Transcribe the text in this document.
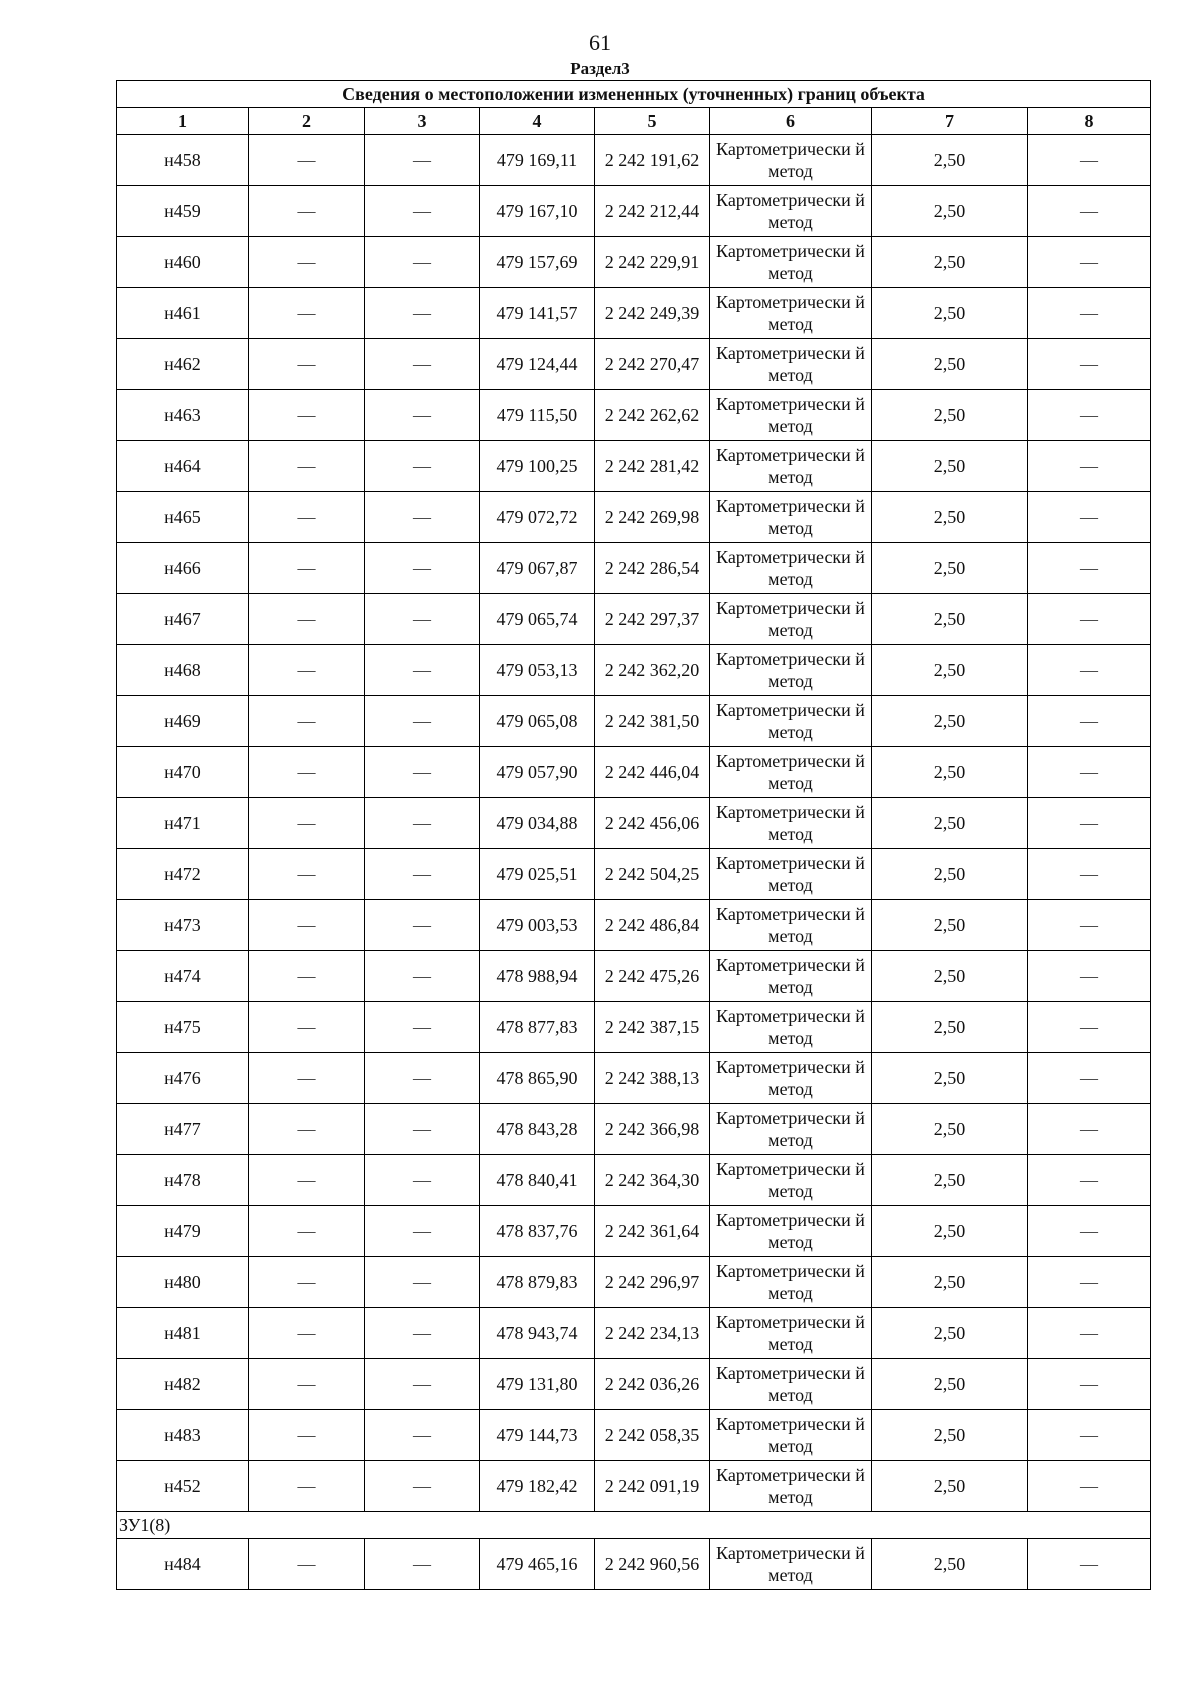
61
Раздел3
Сведения о местоположении измененных (уточненных) границ объекта							
1	2	3	4	5	6	7	8
н458	—	—	479 169,11	2 242 191,62	Картометрически й метод	2,50	—
н459	—	—	479 167,10	2 242 212,44	Картометрически й метод	2,50	—
н460	—	—	479 157,69	2 242 229,91	Картометрически й метод	2,50	—
н461	—	—	479 141,57	2 242 249,39	Картометрически й метод	2,50	—
н462	—	—	479 124,44	2 242 270,47	Картометрически й метод	2,50	—
н463	—	—	479 115,50	2 242 262,62	Картометрически й метод	2,50	—
н464	—	—	479 100,25	2 242 281,42	Картометрически й метод	2,50	—
н465	—	—	479 072,72	2 242 269,98	Картометрически й метод	2,50	—
н466	—	—	479 067,87	2 242 286,54	Картометрически й метод	2,50	—
н467	—	—	479 065,74	2 242 297,37	Картометрически й метод	2,50	—
н468	—	—	479 053,13	2 242 362,20	Картометрически й метод	2,50	—
н469	—	—	479 065,08	2 242 381,50	Картометрически й метод	2,50	—
н470	—	—	479 057,90	2 242 446,04	Картометрически й метод	2,50	—
н471	—	—	479 034,88	2 242 456,06	Картометрически й метод	2,50	—
н472	—	—	479 025,51	2 242 504,25	Картометрически й метод	2,50	—
н473	—	—	479 003,53	2 242 486,84	Картометрически й метод	2,50	—
н474	—	—	478 988,94	2 242 475,26	Картометрически й метод	2,50	—
н475	—	—	478 877,83	2 242 387,15	Картометрически й метод	2,50	—
н476	—	—	478 865,90	2 242 388,13	Картометрически й метод	2,50	—
н477	—	—	478 843,28	2 242 366,98	Картометрически й метод	2,50	—
н478	—	—	478 840,41	2 242 364,30	Картометрически й метод	2,50	—
н479	—	—	478 837,76	2 242 361,64	Картометрически й метод	2,50	—
н480	—	—	478 879,83	2 242 296,97	Картометрически й метод	2,50	—
н481	—	—	478 943,74	2 242 234,13	Картометрически й метод	2,50	—
н482	—	—	479 131,80	2 242 036,26	Картометрически й метод	2,50	—
н483	—	—	479 144,73	2 242 058,35	Картометрически й метод	2,50	—
н452	—	—	479 182,42	2 242 091,19	Картометрически й метод	2,50	—
ЗУ1(8)							
н484	—	—	479 465,16	2 242 960,56	Картометрически й метод	2,50	—
